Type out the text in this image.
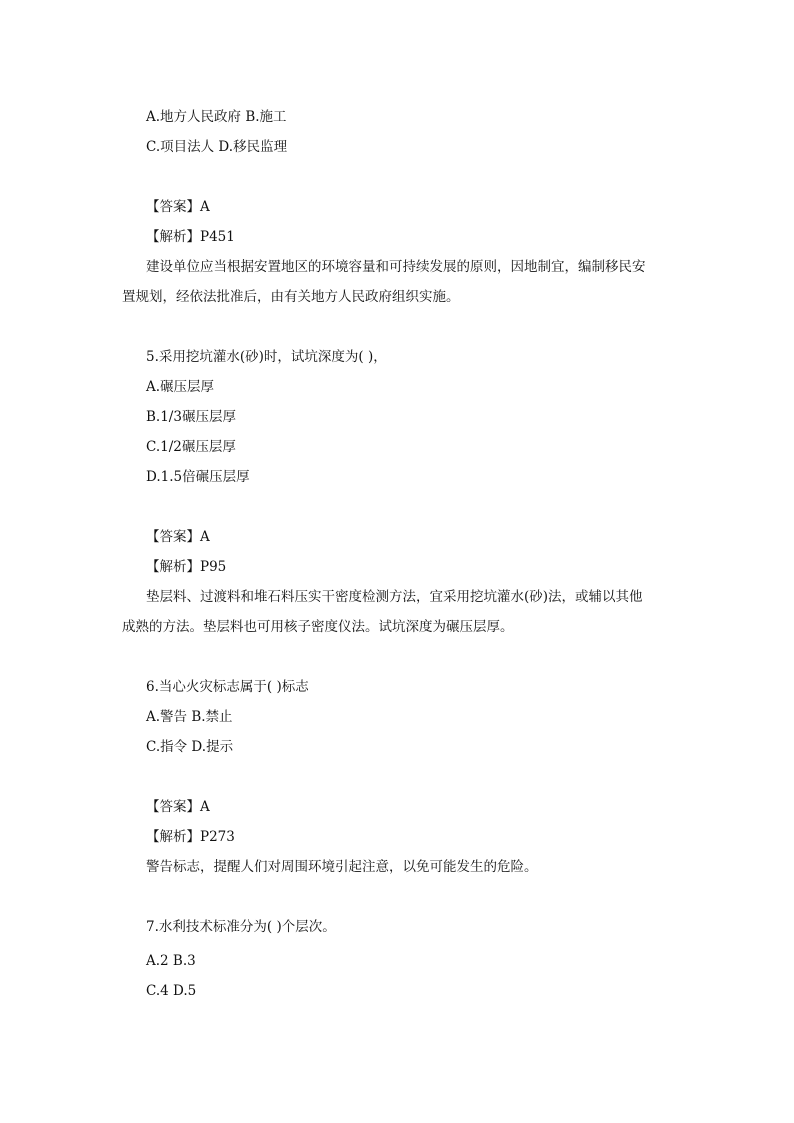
A.地方人民政府 B.施工
C.项目法人 D.移民监理
【答案】A
【解析】P451
建设单位应当根据安置地区的环境容量和可持续发展的原则，因地制宜，编制移民安
置规划，经依法批准后，由有关地方人民政府组织实施。
5.采用挖坑灌水(砂)时，试坑深度为( )，
A.碾压层厚
B.1/3碾压层厚
C.1/2碾压层厚
D.1.5倍碾压层厚
【答案】A
【解析】P95
垫层料、过渡料和堆石料压实干密度检测方法，宜采用挖坑灌水(砂)法，或辅以其他
成熟的方法。垫层料也可用核子密度仪法。试坑深度为碾压层厚。
6.当心火灾标志属于( )标志
A.警告 B.禁止
C.指令 D.提示
【答案】A
【解析】P273
警告标志，提醒人们对周围环境引起注意，以免可能发生的危险。
7.水利技术标准分为( )个层次。
A.2 B.3
C.4 D.5
